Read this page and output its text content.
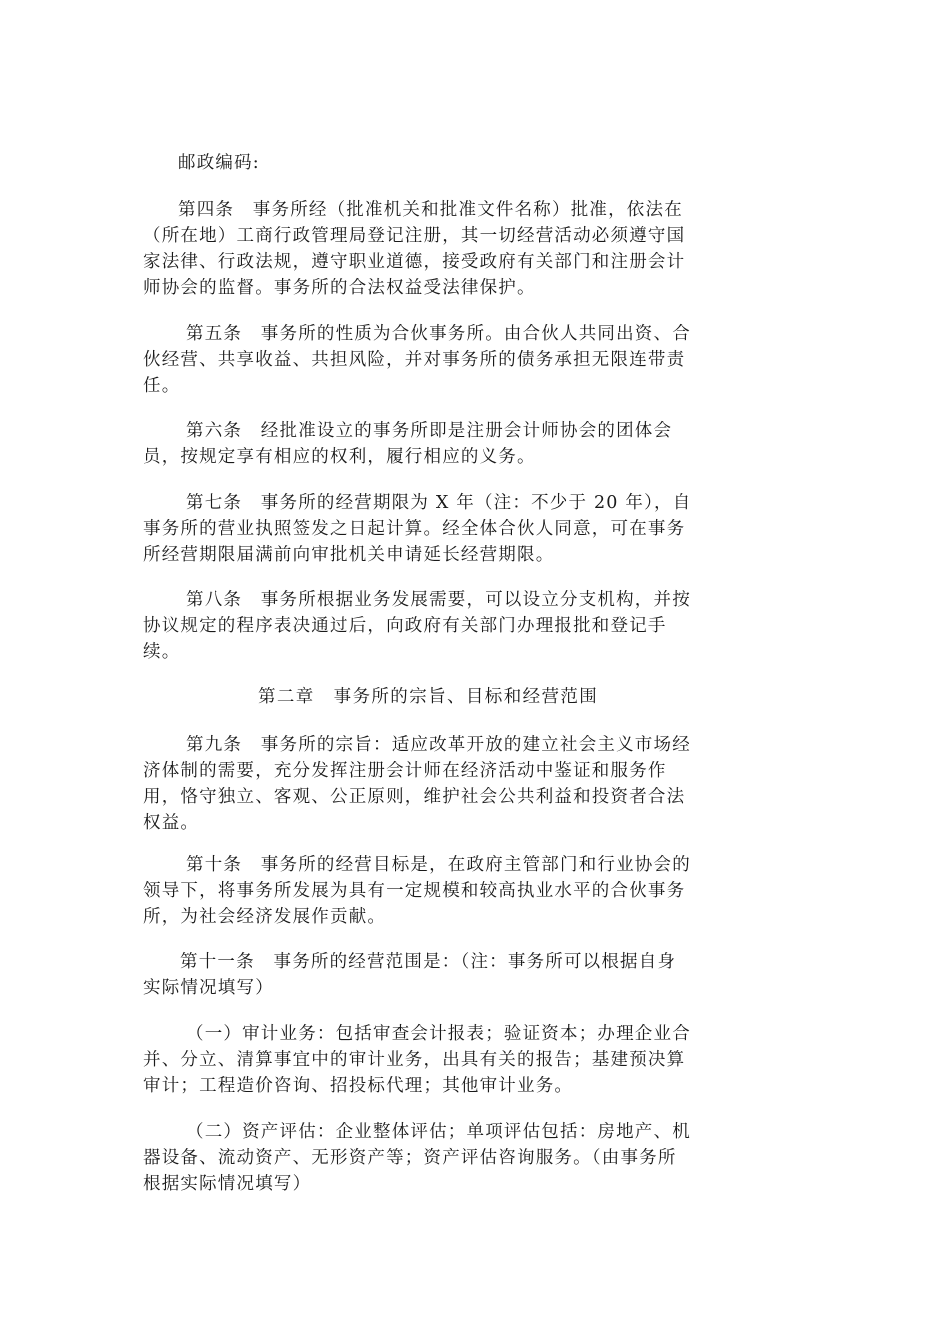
邮政编码:

第四条　事务所经（批准机关和批准文件名称）批准，依法在

（所在地）工商行政管理局登记注册，其一切经营活动必须遵守国

家法律、行政法规，遵守职业道德，接受政府有关部门和注册会计

师协会的监督。事务所的合法权益受法律保护。

第五条　事务所的性质为合伙事务所。由合伙人共同出资、合

伙经营、共享收益、共担风险，并对事务所的债务承担无限连带责

任。

第六条　经批准设立的事务所即是注册会计师协会的团体会

员，按规定享有相应的权利，履行相应的义务。

第七条　事务所的经营期限为 X 年（注：不少于 20 年），自

事务所的营业执照签发之日起计算。经全体合伙人同意，可在事务

所经营期限届满前向审批机关申请延长经营期限。

第八条　事务所根据业务发展需要，可以设立分支机构，并按

协议规定的程序表决通过后，向政府有关部门办理报批和登记手

续。

第二章　事务所的宗旨、目标和经营范围

第九条　事务所的宗旨：适应改革开放的建立社会主义市场经

济体制的需要，充分发挥注册会计师在经济活动中鉴证和服务作

用，恪守独立、客观、公正原则，维护社会公共利益和投资者合法

权益。

第十条　事务所的经营目标是，在政府主管部门和行业协会的

领导下，将事务所发展为具有一定规模和较高执业水平的合伙事务

所，为社会经济发展作贡献。

第十一条　事务所的经营范围是：（注：事务所可以根据自身

实际情况填写）

（一）审计业务：包括审查会计报表；验证资本；办理企业合

并、分立、清算事宜中的审计业务，出具有关的报告；基建预决算

审计；工程造价咨询、招投标代理；其他审计业务。

（二）资产评估：企业整体评估；单项评估包括：房地产、机

器设备、流动资产、无形资产等；资产评估咨询服务。（由事务所

根据实际情况填写）
